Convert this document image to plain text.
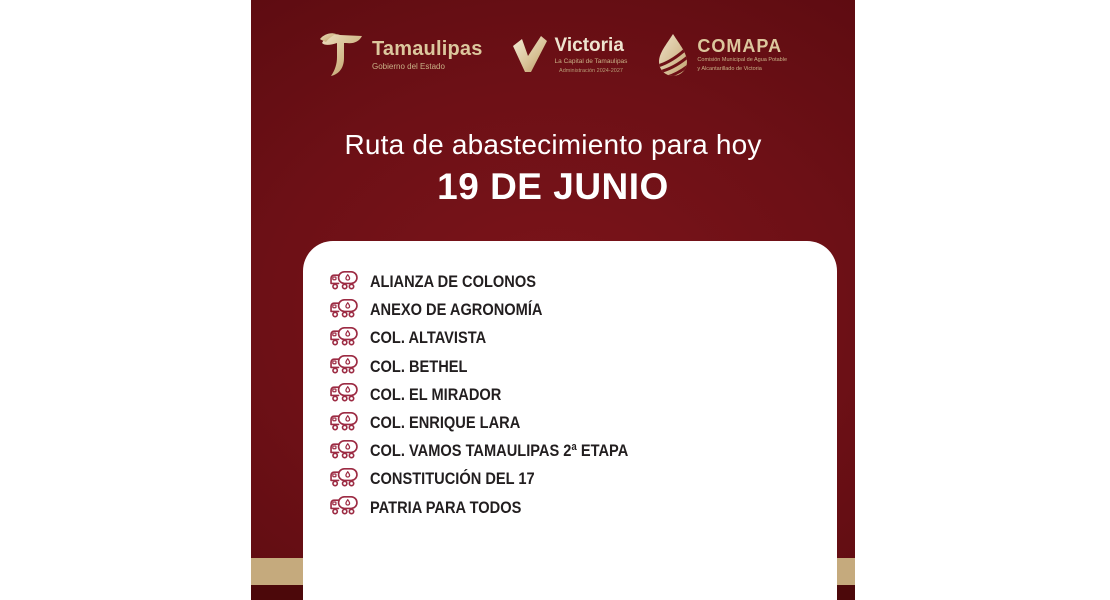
Tamaulipas
Gobierno del Estado
Victoria
La Capital de Tamaulipas
Administración 2024-2027
COMAPA
Comisión Municipal de Agua Potable
y Alcantarillado de Victoria
Ruta de abastecimiento para hoy
19 DE JUNIO
ALIANZA DE COLONOS
ANEXO DE AGRONOMÍA
COL. ALTAVISTA
COL. BETHEL
COL. EL MIRADOR
COL. ENRIQUE LARA
COL. VAMOS TAMAULIPAS 2ª ETAPA
CONSTITUCIÓN DEL 17
PATRIA PARA TODOS
